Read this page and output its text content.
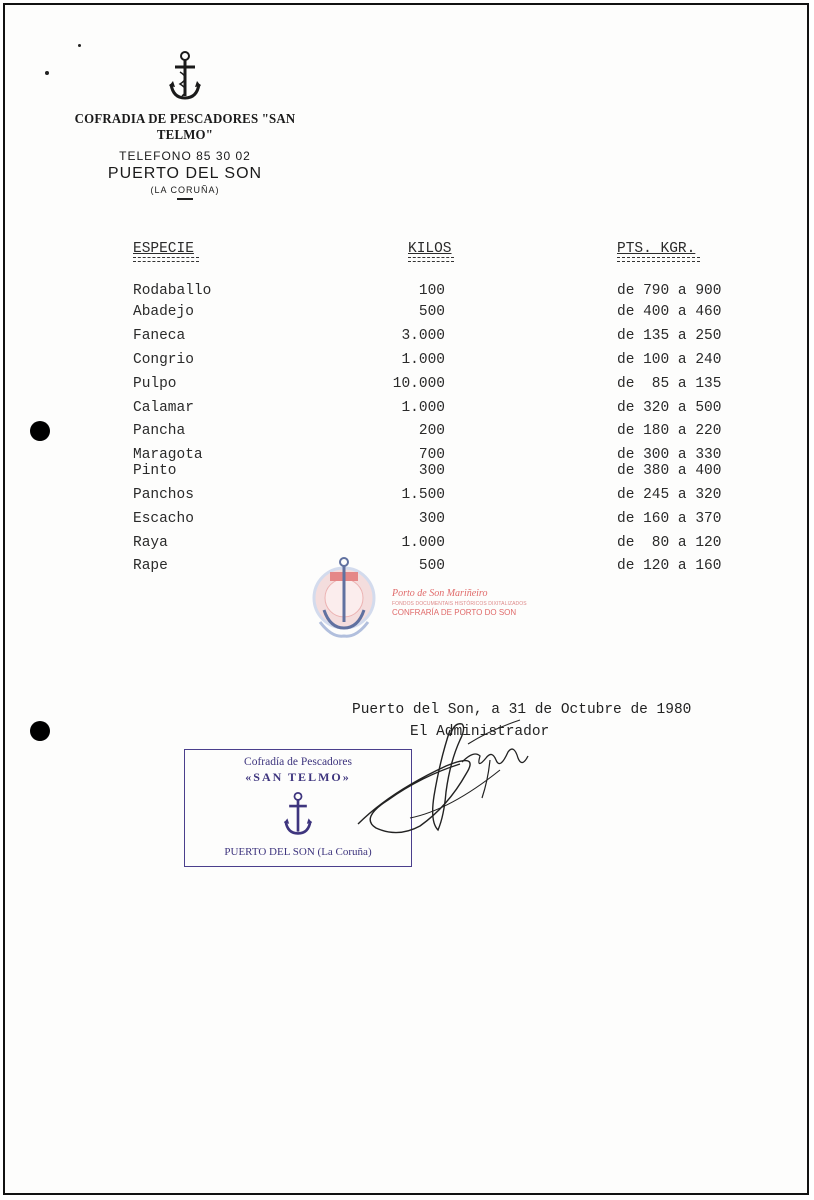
COFRADIA DE PESCADORES "SAN TELMO"
TELEFONO 85 30 02
PUERTO DEL SON
(LA CORUÑA)
ESPECIE	KILOS	PTS. KGR.
Rodaballo	100	de 790 a 900
Abadejo	500	de 400 a 460
Faneca	3.000	de 135 a 250
Congrio	1.000	de 100 a 240
Pulpo	10.000	de  85 a 135
Calamar	1.000	de 320 a 500
Pancha	200	de 180 a 220
Maragota	700	de 300 a 330
Pinto	300	de 380 a 400
Panchos	1.500	de 245 a 320
Escacho	300	de 160 a 370
Raya	1.000	de  80 a 120
Rape	500	de 120 a 160
Porto de Son Mariñeiro
FONDOS DOCUMENTAIS HISTÓRICOS DIXITALIZADOS
CONFRARÍA DE PORTO DO SON
Puerto del Son, a 31 de Octubre de 1980
El Administrador
Cofradía de Pescadores
«SAN TELMO»
PUERTO DEL SON (La Coruña)
